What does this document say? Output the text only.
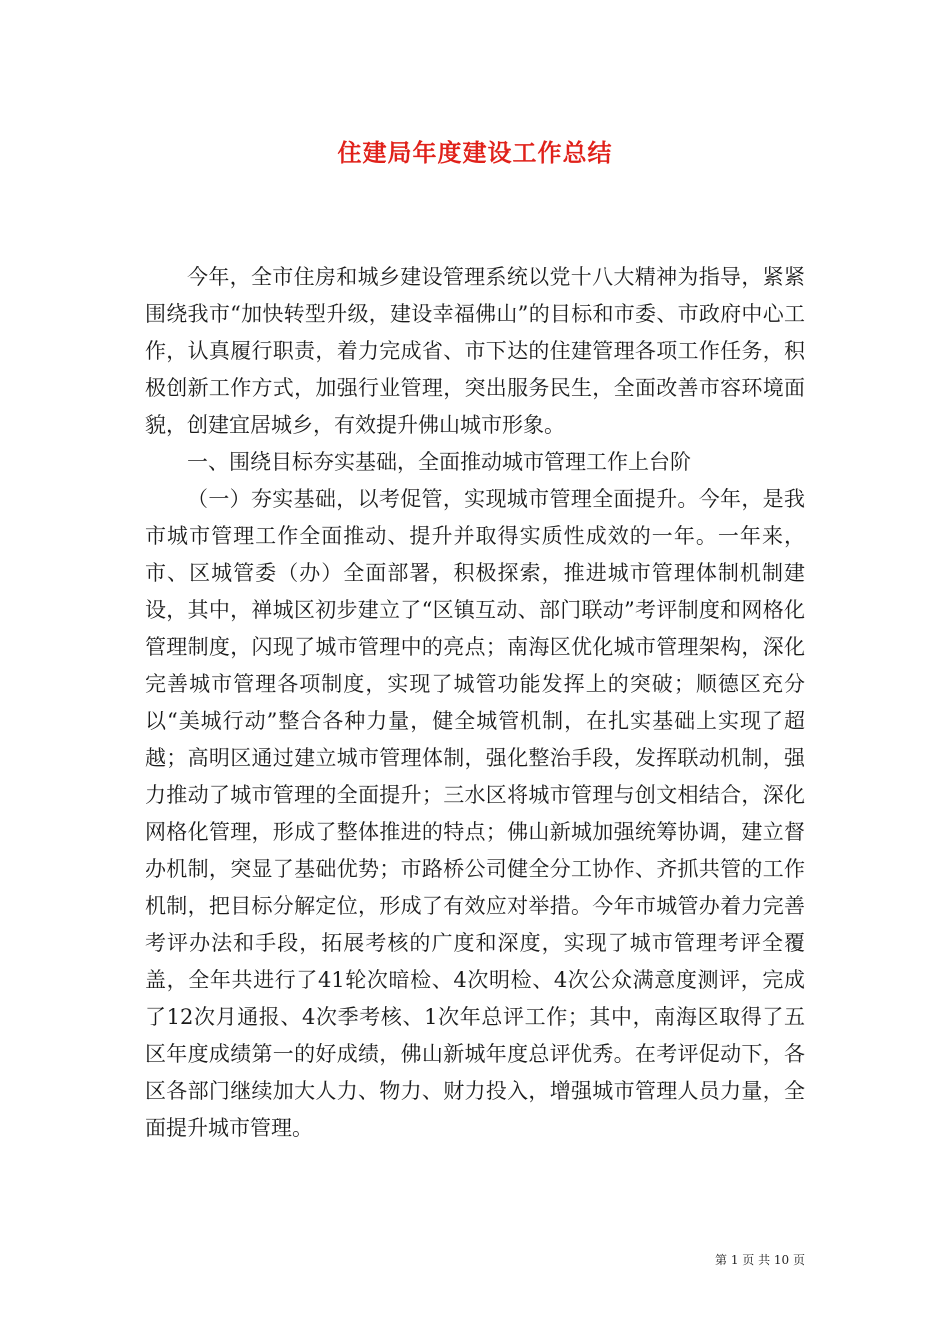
住建局年度建设工作总结

今年，全市住房和城乡建设管理系统以党十八大精神为指导，紧紧围绕我市“加快转型升级，建设幸福佛山”的目标和市委、市政府中心工作，认真履行职责，着力完成省、市下达的住建管理各项工作任务，积极创新工作方式，加强行业管理，突出服务民生，全面改善市容环境面貌，创建宜居城乡，有效提升佛山城市形象。

一、围绕目标夯实基础，全面推动城市管理工作上台阶

（一）夯实基础，以考促管，实现城市管理全面提升。今年，是我市城市管理工作全面推动、提升并取得实质性成效的一年。一年来，市、区城管委（办）全面部署，积极探索，推进城市管理体制机制建设，其中，禅城区初步建立了“区镇互动、部门联动”考评制度和网格化管理制度，闪现了城市管理中的亮点；南海区优化城市管理架构，深化完善城市管理各项制度，实现了城管功能发挥上的突破；顺德区充分以“美城行动”整合各种力量，健全城管机制，在扎实基础上实现了超越；高明区通过建立城市管理体制，强化整治手段，发挥联动机制，强力推动了城市管理的全面提升；三水区将城市管理与创文相结合，深化网格化管理，形成了整体推进的特点；佛山新城加强统筹协调，建立督办机制，突显了基础优势；市路桥公司健全分工协作、齐抓共管的工作机制，把目标分解定位，形成了有效应对举措。今年市城管办着力完善考评办法和手段，拓展考核的广度和深度，实现了城市管理考评全覆盖，全年共进行了41轮次暗检、4次明检、4次公众满意度测评，完成了12次月通报、4次季考核、1次年总评工作；其中，南海区取得了五区年度成绩第一的好成绩，佛山新城年度总评优秀。在考评促动下，各区各部门继续加大人力、物力、财力投入，增强城市管理人员力量，全面提升城市管理。

第 1 页 共 10 页
